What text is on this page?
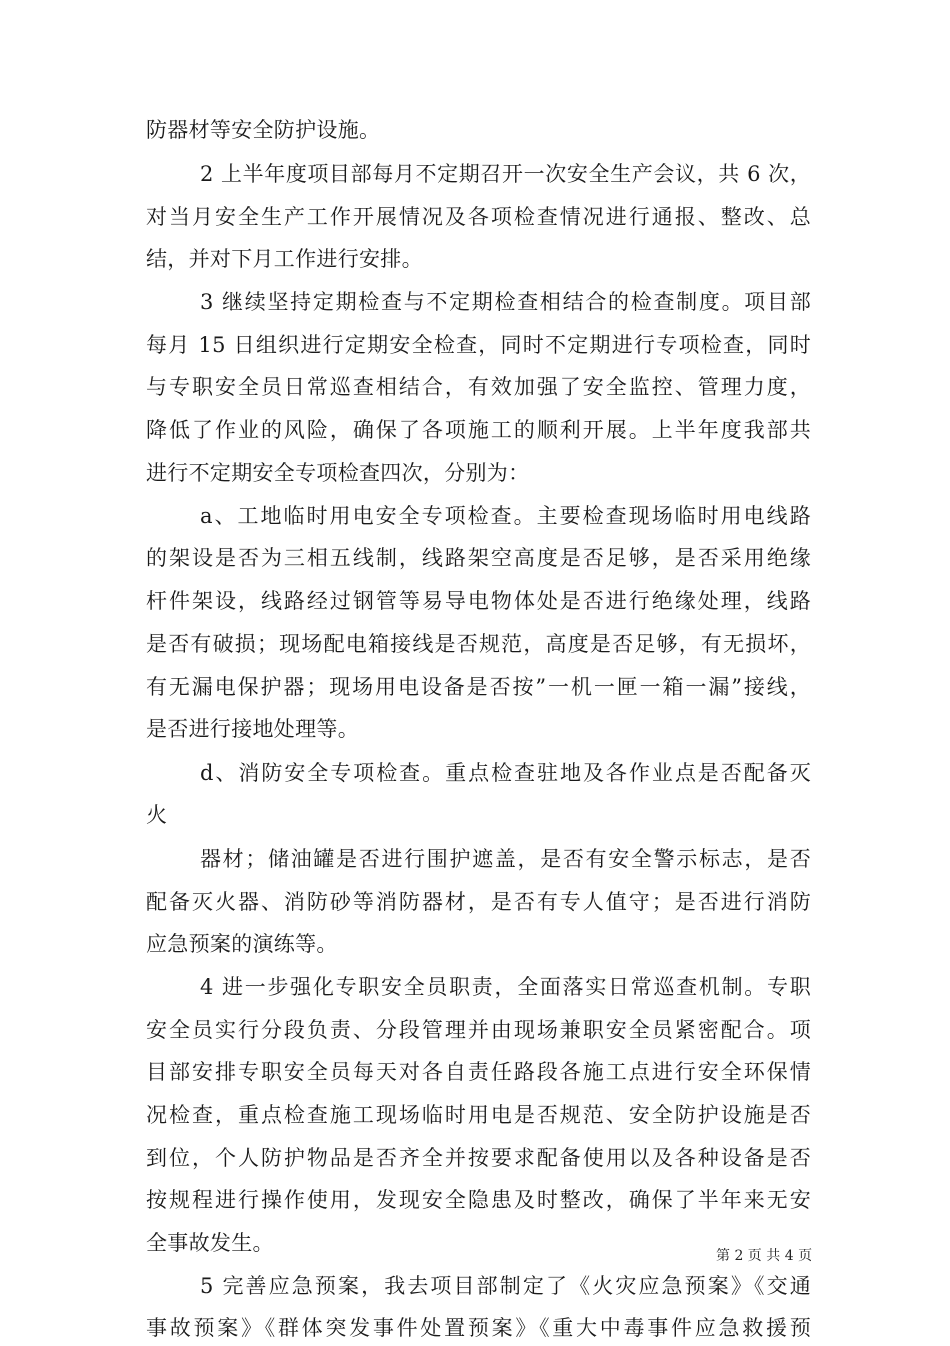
防器材等安全防护设施。
2 上半年度项目部每月不定期召开一次安全生产会议，共 6 次，
对当月安全生产工作开展情况及各项检查情况进行通报、整改、总
结，并对下月工作进行安排。
3 继续坚持定期检查与不定期检查相结合的检查制度。项目部
每月 15 日组织进行定期安全检查，同时不定期进行专项检查，同时
与专职安全员日常巡查相结合，有效加强了安全监控、管理力度，
降低了作业的风险，确保了各项施工的顺利开展。上半年度我部共
进行不定期安全专项检查四次，分别为：
a、工地临时用电安全专项检查。主要检查现场临时用电线路
的架设是否为三相五线制，线路架空高度是否足够，是否采用绝缘
杆件架设，线路经过钢管等易导电物体处是否进行绝缘处理，线路
是否有破损；现场配电箱接线是否规范，高度是否足够，有无损坏，
有无漏电保护器；现场用电设备是否按”一机一匣一箱一漏”接线，
是否进行接地处理等。
d、消防安全专项检查。重点检查驻地及各作业点是否配备灭
火
器材；储油罐是否进行围护遮盖，是否有安全警示标志，是否
配备灭火器、消防砂等消防器材，是否有专人值守；是否进行消防
应急预案的演练等。
4 进一步强化专职安全员职责，全面落实日常巡查机制。专职
安全员实行分段负责、分段管理并由现场兼职安全员紧密配合。项
目部安排专职安全员每天对各自责任路段各施工点进行安全环保情
况检查，重点检查施工现场临时用电是否规范、安全防护设施是否
到位，个人防护物品是否齐全并按要求配备使用以及各种设备是否
按规程进行操作使用，发现安全隐患及时整改，确保了半年来无安
全事故发生。
5 完善应急预案，我去项目部制定了《火灾应急预案》《交通
事故预案》《群体突发事件处置预案》《重大中毒事件应急救援预
第 2 页 共 4 页
